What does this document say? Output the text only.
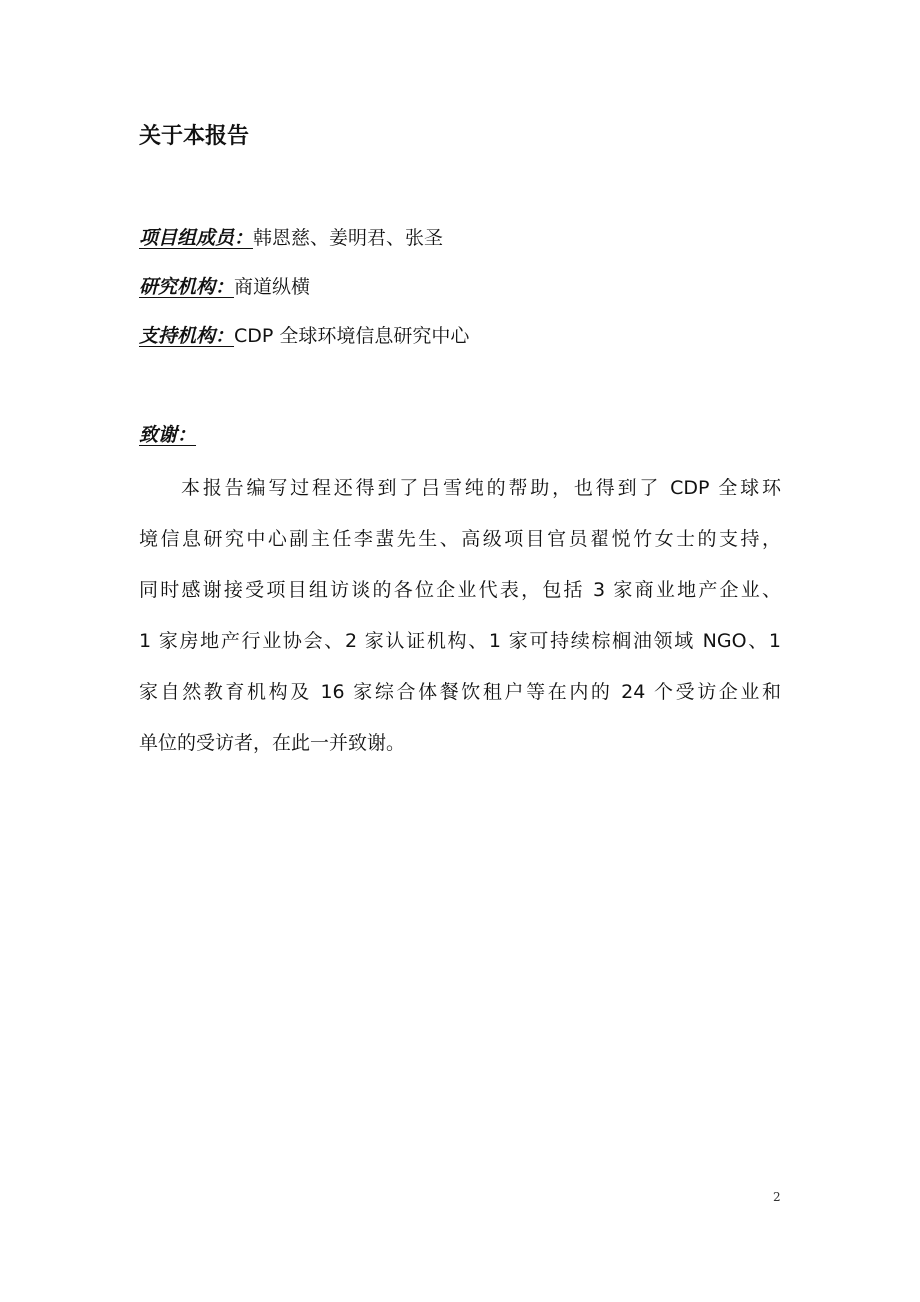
关于本报告
项目组成员：韩恩慈、姜明君、张圣
研究机构：商道纵横
支持机构：CDP 全球环境信息研究中心
致谢：
本报告编写过程还得到了吕雪纯的帮助，也得到了 CDP 全球环
境信息研究中心副主任李蜚先生、高级项目官员翟悦竹女士的支持，
同时感谢接受项目组访谈的各位企业代表，包括 3 家商业地产企业、
1 家房地产行业协会、2 家认证机构、1 家可持续棕榈油领域 NGO、1
家自然教育机构及 16 家综合体餐饮租户等在内的 24 个受访企业和
单位的受访者，在此一并致谢。
2
